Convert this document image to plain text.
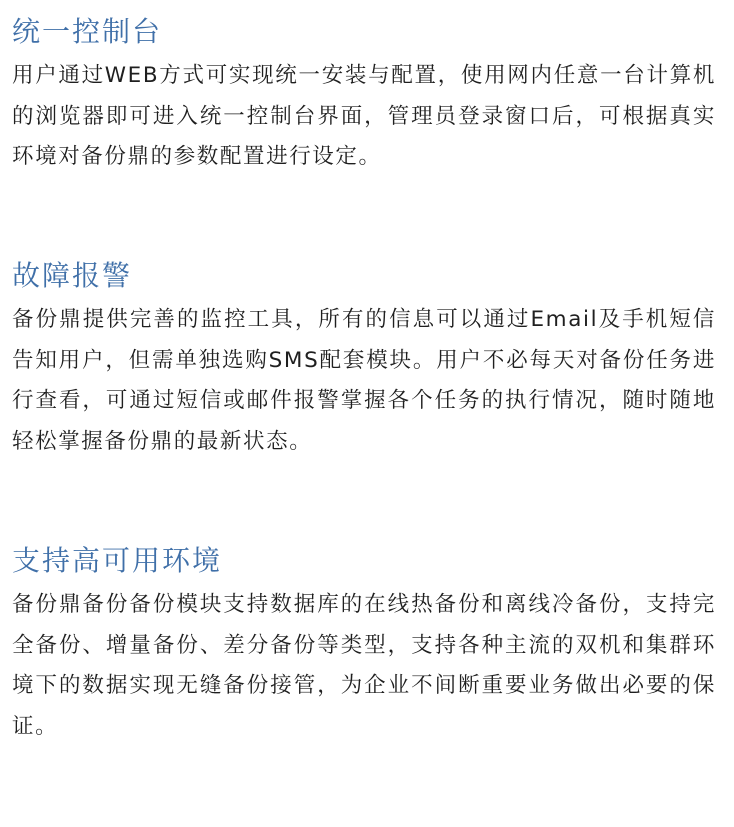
统一控制台

用户通过WEB方式可实现统一安装与配置，使用网内任意一台计算机的浏览器即可进入统一控制台界面，管理员登录窗口后，可根据真实环境对备份鼎的参数配置进行设定。

故障报警

备份鼎提供完善的监控工具，所有的信息可以通过Email及手机短信告知用户，但需单独选购SMS配套模块。用户不必每天对备份任务进行查看，可通过短信或邮件报警掌握各个任务的执行情况，随时随地轻松掌握备份鼎的最新状态。

支持高可用环境

备份鼎备份备份模块支持数据库的在线热备份和离线冷备份，支持完全备份、增量备份、差分备份等类型，支持各种主流的双机和集群环境下的数据实现无缝备份接管，为企业不间断重要业务做出必要的保证。
